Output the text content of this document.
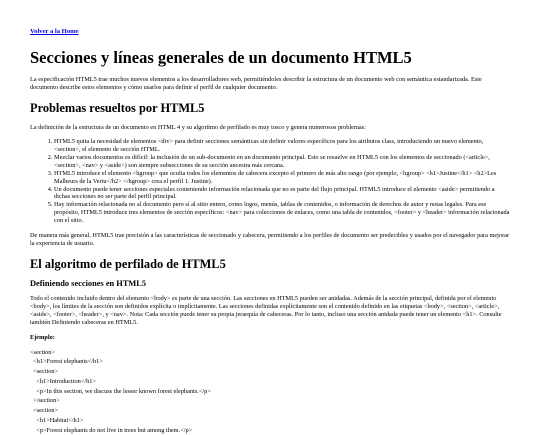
Volver a la Home
Secciones y líneas generales de un documento HTML5

La especificación HTML5 trae muchos nuevos elementos a los desarrolladores web, permitiéndoles describir la estructura de un documento web con semántica estandarizada. Este documento describe estos elementos y cómo usarlos para definir el perfil de cualquier documento.

Problemas resueltos por HTML5

La definición de la estructura de un documento en HTML 4 y su algoritmo de perfilado es muy tosco y genera numerosos problemas:

1. HTML5 quita la necesidad de elementos <div> para definir secciones semánticas sin definir valores específicos para los atributos class, introduciendo un nuevo elemento, <section>, el elemento de sección HTML.
2. Mezclar varios documentos es difícil: la inclusión de un sub-documento en un documento principal. Esto se resuelve en HTML5 con los elementos de seccionado (<article>, <section>, <nav> y <aside>) son siempre subsecciones de su sección ancestra más cercana.
3. HTML5 introduce el elemento <hgroup> que oculta todos los elementos de cabecera excepto el primero de más alto rango (por ejemplo, <hgroup> <h1>Justine</h1> <h2>Les Malheurs de la Vertu</h2> </hgroup> crea el perfil 1. Justine).
4. Un documento puede tener secciones especiales conteniendo información relacionada que no es parte del flujo principal. HTML5 introduce el elemento <aside> permitiendo a dichas secciones no ser parte del perfil principal.
5. Hay información relacionada no al documento pero sí al sitio entero, como logos, menús, tablas de contenidos, o información de derechos de autor y notas legales. Para ese propósito, HTML5 introduce tres elementos de sección específicos: <nav> para colecciones de enlaces, como una tabla de contenidos, <footer> y <header> información relacionada con el sitio.

De manera más general, HTML5 trae precisión a las características de seccionado y cabecera, permitiendo a los perfiles de documento ser predecibles y usados por el navegador para mejorar la experiencia de usuario.

El algoritmo de perfilado de HTML5
Definiendo secciones en HTML5

Todo el contenido incluido dentro del elemento <body> es parte de una sección. Las secciones en HTML5 pueden ser anidadas. Además de la sección principal, definida por el elemento <body>, los límites de la sección son definidos explícita o implícitamente. Las secciones definidas explícitamente son el contenido definido en las etiquetas <body>, <section>, <article>, <aside>, <footer>, <header>, y <nav>. Nota: Cada sección puede tener su propia jerarquía de cabeceras. Por lo tanto, incluso una sección anidada puede tener un elemento <h1>. Consulte también Definiendo cabeceras en HTML5.

Ejemplo:

<section>
<h1>Forest elephants</h1>
<section>
<h1>Introduction</h1>
<p>In this section, we discuss the lesser known forest elephants.</p>
</section>
<section>
<h1>Habitat</h1>
<p>Forest elephants do not live in trees but among them.</p>
